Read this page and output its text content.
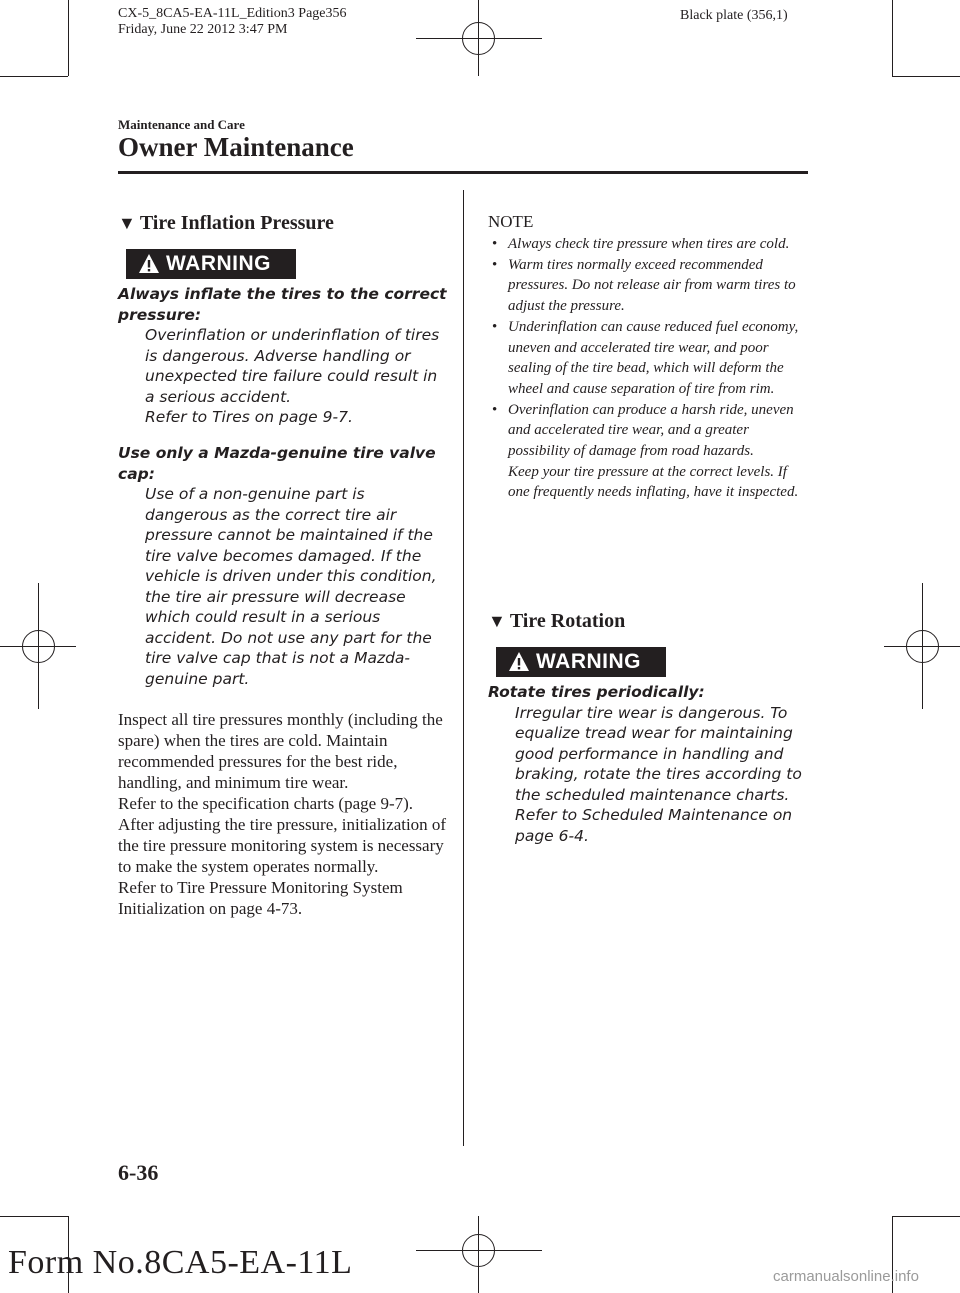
CX-5_8CA5-EA-11L_Edition3 Page356
Friday, June 22 2012 3:47 PM
Black plate (356,1)
Maintenance and Care
Owner Maintenance
▼ Tire Inflation Pressure
WARNING

Always inflate the tires to the correct pressure:

Overinflation or underinflation of tires is dangerous. Adverse handling or unexpected tire failure could result in a serious accident.

Refer to Tires on page 9-7.

Use only a Mazda-genuine tire valve cap:

Use of a non-genuine part is dangerous as the correct tire air pressure cannot be maintained if the tire valve becomes damaged. If the vehicle is driven under this condition, the tire air pressure will decrease which could result in a serious accident. Do not use any part for the tire valve cap that is not a Mazda-genuine part.

Inspect all tire pressures monthly (including the spare) when the tires are cold. Maintain recommended pressures for the best ride, handling, and minimum tire wear.

Refer to the specification charts (page 9-7).

After adjusting the tire pressure, initialization of the tire pressure monitoring system is necessary to make the system operates normally.

Refer to Tire Pressure Monitoring System Initialization on page 4-73.

NOTE
• Always check tire pressure when tires are cold.
• Warm tires normally exceed recommended pressures. Do not release air from warm tires to adjust the pressure.
• Underinflation can cause reduced fuel economy, uneven and accelerated tire wear, and poor sealing of the tire bead, which will deform the wheel and cause separation of tire from rim.
• Overinflation can produce a harsh ride, uneven and accelerated tire wear, and a greater possibility of damage from road hazards.
Keep your tire pressure at the correct levels. If one frequently needs inflating, have it inspected.
▼ Tire Rotation
WARNING

Rotate tires periodically:

Irregular tire wear is dangerous. To equalize tread wear for maintaining good performance in handling and braking, rotate the tires according to the scheduled maintenance charts.

Refer to Scheduled Maintenance on page 6-4.

6-36
Form No.8CA5-EA-11L	carmanualsonline.info
